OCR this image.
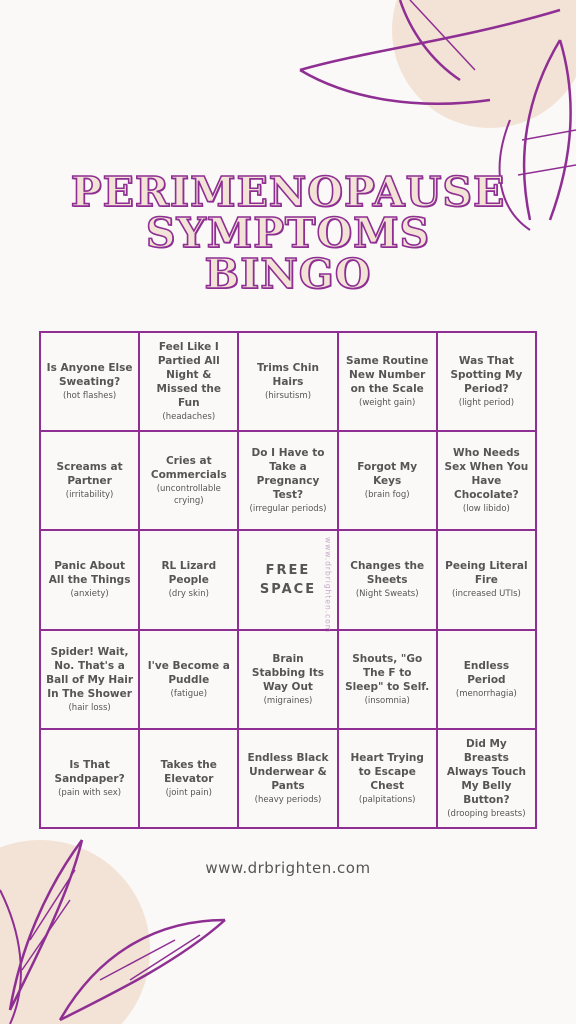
PERIMENOPAUSE
SYMPTOMS
BINGO
Is Anyone Else Sweating?
(hot flashes)
Feel Like I Partied All Night & Missed the Fun
(headaches)
Trims Chin Hairs
(hirsutism)
Same Routine New Number on the Scale
(weight gain)
Was That Spotting My Period?
(light period)
Screams at Partner
(irritability)
Cries at Commercials
(uncontrollable crying)
Do I Have to Take a Pregnancy Test?
(irregular periods)
Forgot My Keys
(brain fog)
Who Needs Sex When You Have Chocolate?
(low libido)
Panic About All the Things
(anxiety)
RL Lizard People
(dry skin)
FREE SPACE	www.drbrighten.com	Changes the Sheets
(Night Sweats)
Peeing Literal Fire
(increased UTIs)
Spider! Wait, No. That's a Ball of My Hair In The Shower
(hair loss)
I've Become a Puddle
(fatigue)
Brain Stabbing Its Way Out
(migraines)
Shouts, "Go The F to Sleep" to Self.
(insomnia)
Endless Period
(menorrhagia)
Is That Sandpaper?
(pain with sex)
Takes the Elevator
(joint pain)
Endless Black Underwear & Pants
(heavy periods)
Heart Trying to Escape Chest
(palpitations)
Did My Breasts Always Touch My Belly Button?
(drooping breasts)
www.drbrighten.com
